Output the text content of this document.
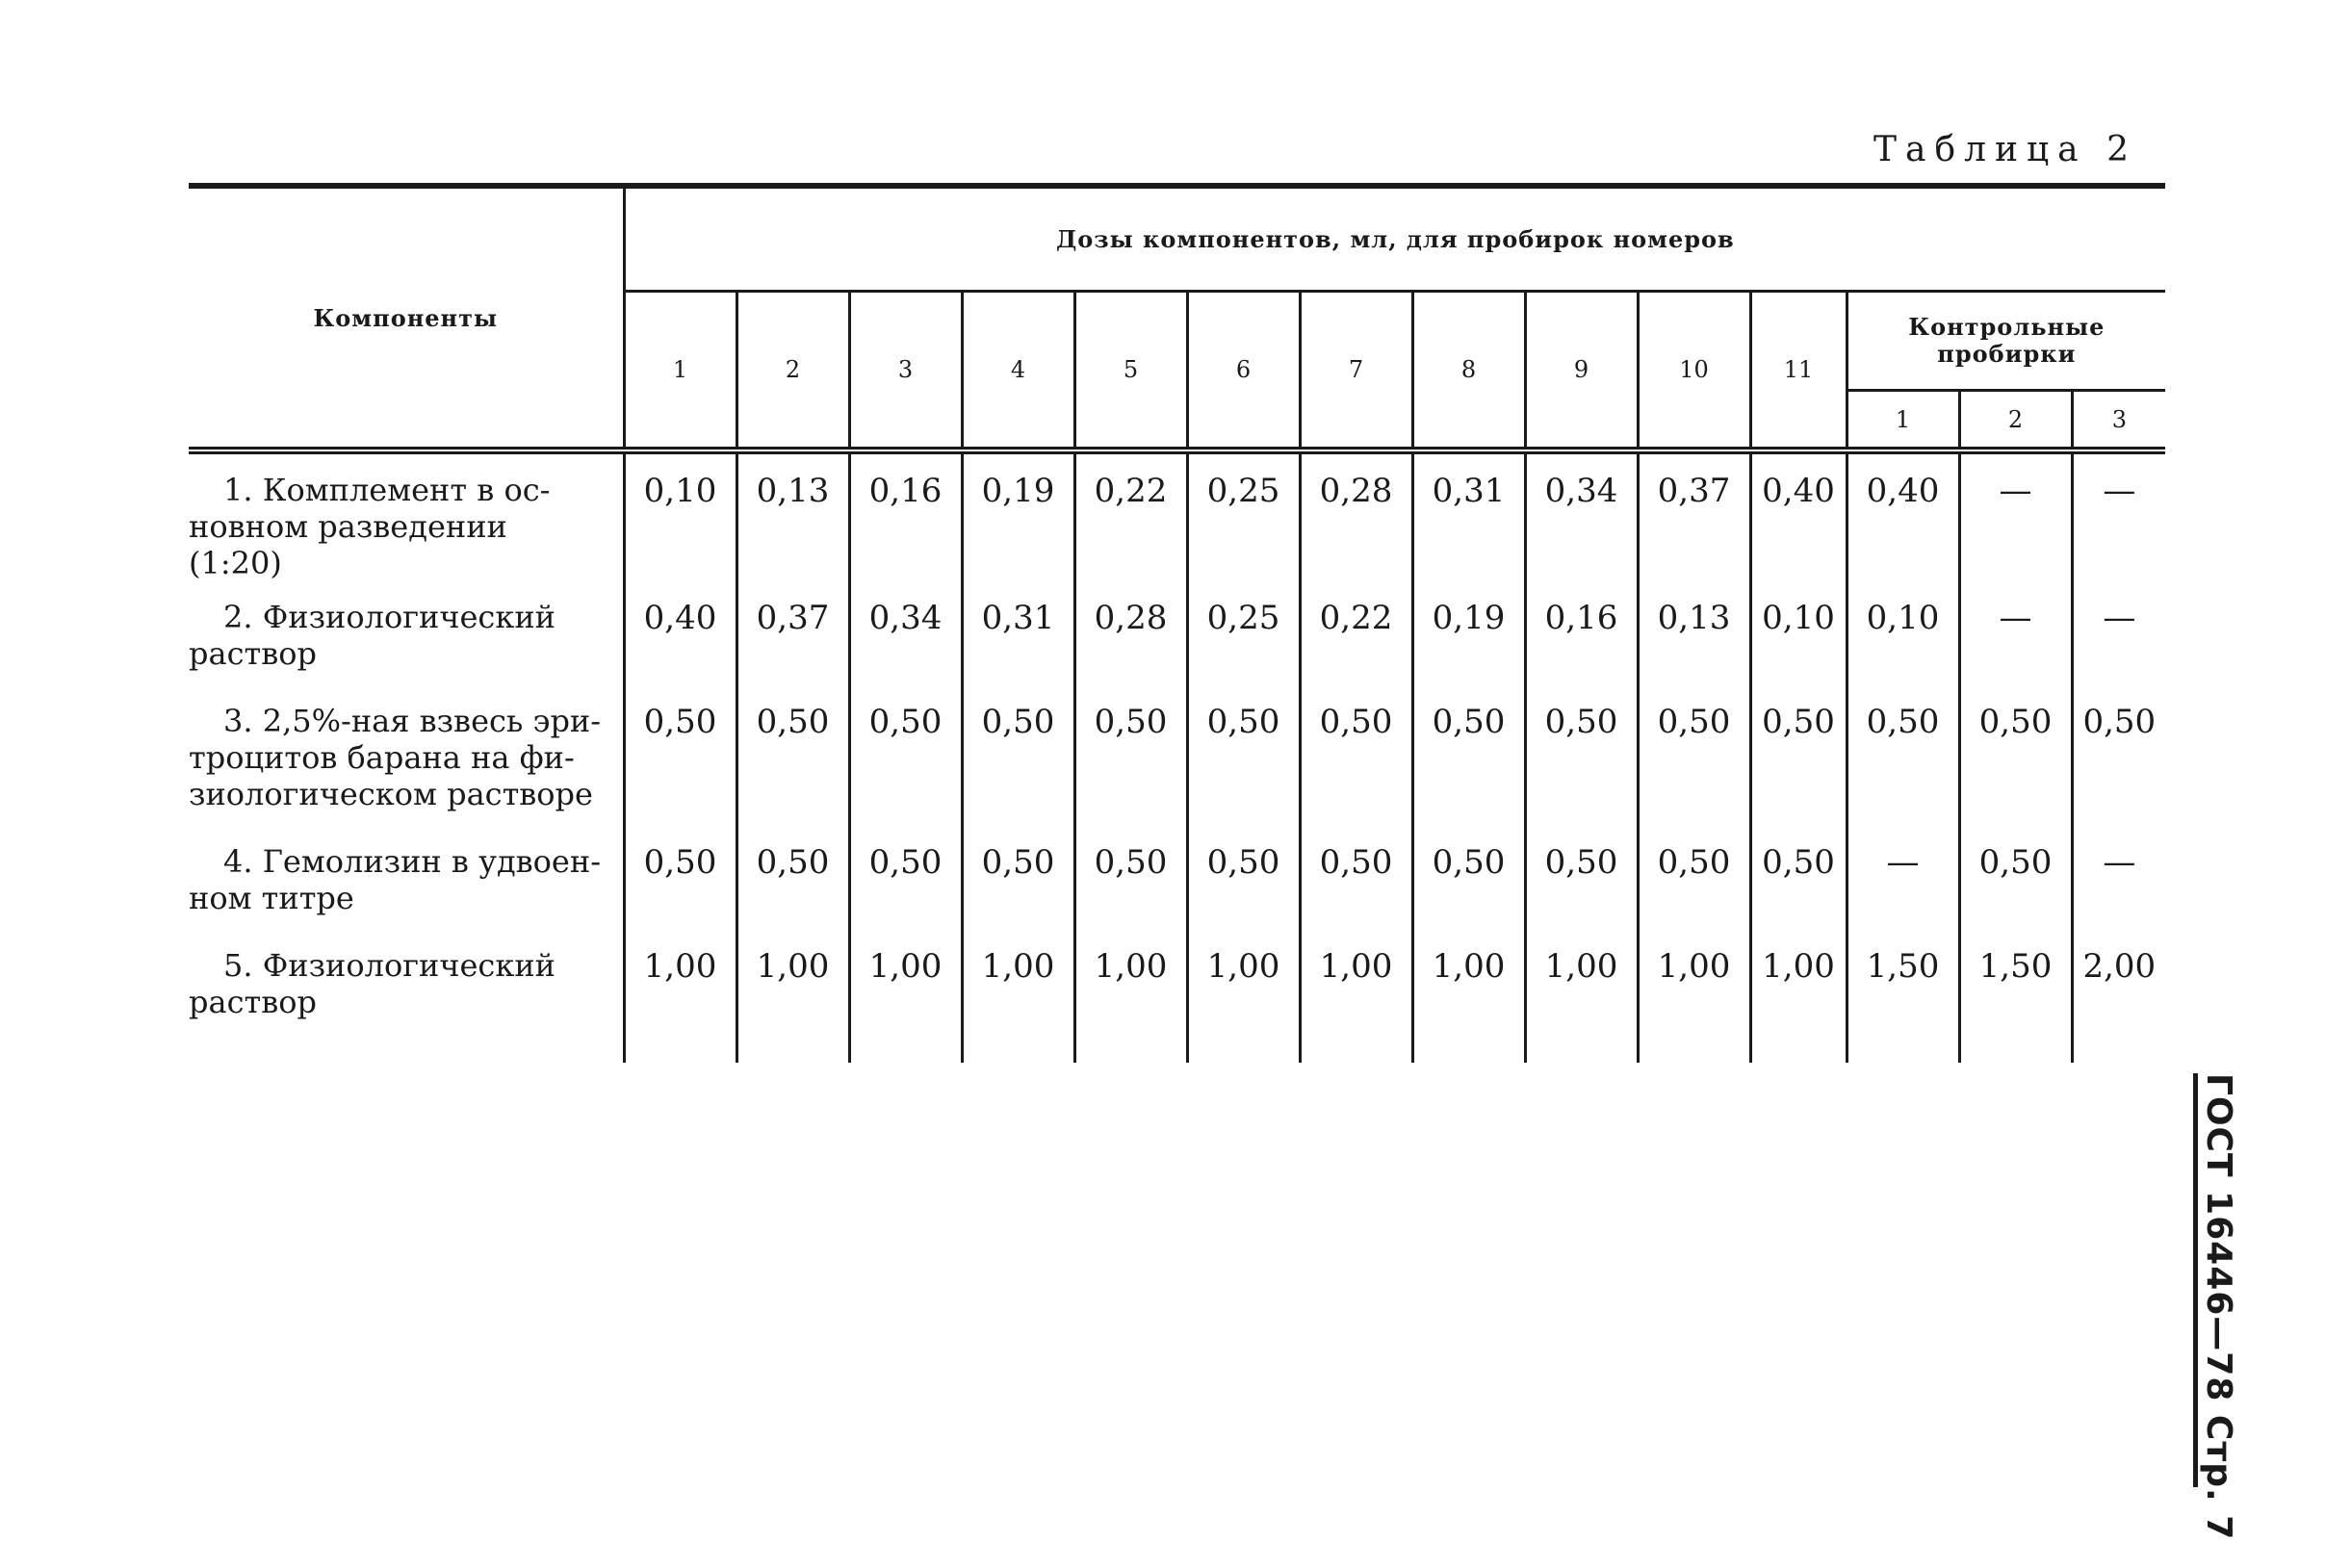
Таблица 2
Компоненты	Дозы компонентов, мл, для пробирок номеров													
	1	2	3	4	5	6	7	8	9	10	11	Контрольные пробирки		
												1	2	3

1. Комплемент в ос-
новном разведении (1:20)	0,10	0,13	0,16	0,19	0,22	0,25	0,28	0,31	0,34	0,37	0,40	0,40	—	—

2. Физиологический
раствор	0,40	0,37	0,34	0,31	0,28	0,25	0,22	0,19	0,16	0,13	0,10	0,10	—	—

3. 2,5%-ная взвесь эри-
троцитов барана на фи-
зиологическом растворе	0,50	0,50	0,50	0,50	0,50	0,50	0,50	0,50	0,50	0,50	0,50	0,50	0,50	0,50

4. Гемолизин в удвоен-
ном титре	0,50	0,50	0,50	0,50	0,50	0,50	0,50	0,50	0,50	0,50	0,50	—	0,50	—

5. Физиологический
раствор	1,00	1,00	1,00	1,00	1,00	1,00	1,00	1,00	1,00	1,00	1,00	1,50	1,50	2,00
ГОСТ 16446—78 Стр. 7
